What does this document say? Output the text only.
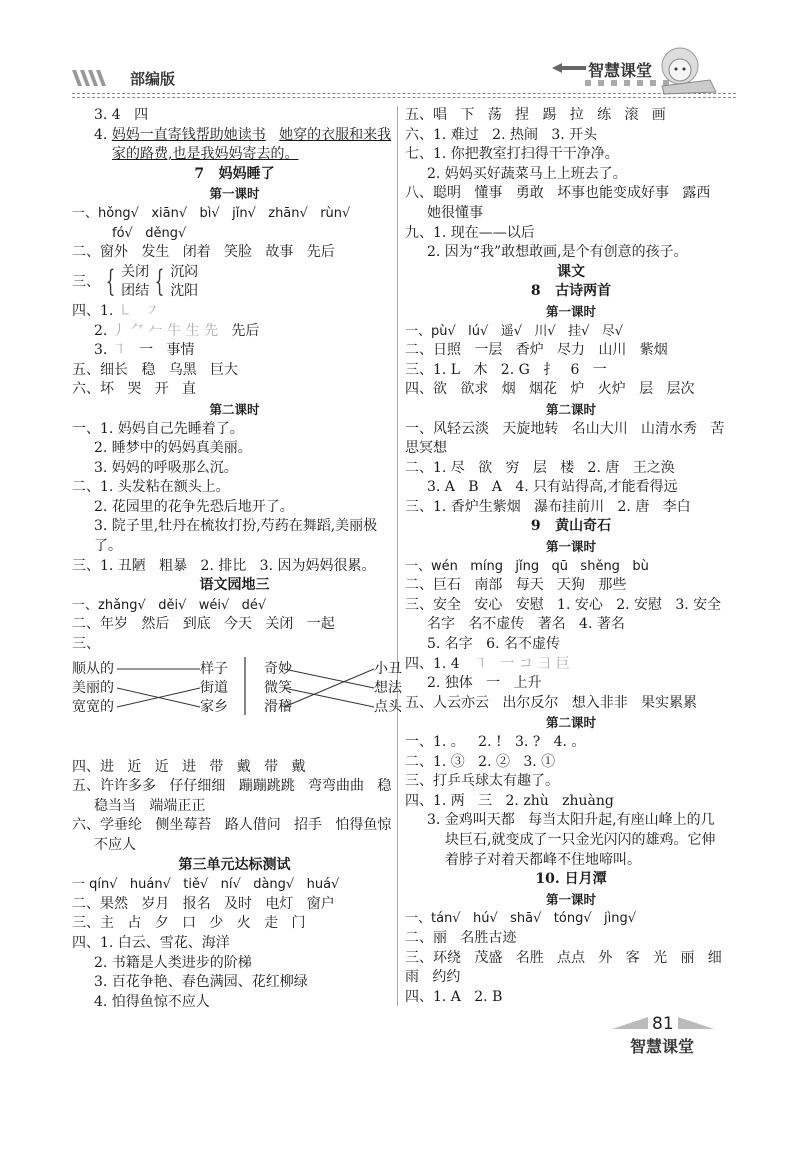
部编版	智慧课堂
3. 4   四
4. 妈妈一直寄钱帮助她读书 她穿的衣服和来我
家的路费,也是我妈妈寄去的。
7   妈妈睡了
第一课时
一、hǒng√   xiān√   bì√   jǐn√   zhān√   rùn√
fó√   děng√
二、窗外   发生   闭着   笑脸   故事   先后
三、 { 关闭
团结 { 沉闷
沈阳
四、1. ㇄   ㇇
2. 丿 ⺈ 𠂉 牛 生 先   先后
3. ㇕   一   事情
五、细长   稳   乌黑   巨大
六、坏   哭   开   直
第二课时
一、1. 妈妈自己先睡着了。
2. 睡梦中的妈妈真美丽。
3. 妈妈的呼吸那么沉。
二、1. 头发粘在额头上。
2. 花园里的花争先恐后地开了。
3. 院子里,牡丹在梳妆打扮,芍药在舞蹈,美丽极
了。
三、1. 丑陋   粗暴   2. 排比   3. 因为妈妈很累。
语文园地三
一、zhǎng√   děi√   wéi√   dé√
二、年岁   然后   到底   今天   关闭   一起
三、
顺从的
美丽的
宽宽的
样子
街道
家乡
奇妙
微笑
滑稽
小丑
想法
点头
四、进   近   近   进   带   戴   带   戴
五、许许多多   仔仔细细   蹦蹦跳跳   弯弯曲曲   稳
稳当当   端端正正
六、学垂纶   侧坐莓苔   路人借问   招手   怕得鱼惊
不应人
第三单元达标测试
一 qín√   huán√   tiě√   ní√   dàng√   huá√
二、果然   岁月   报名   及时   电灯   窗户
三、主   占   夕   口   少   火   走   门
四、1. 白云、雪花、海洋
2. 书籍是人类进步的阶梯
3. 百花争艳、春色满园、花红柳绿
4. 怕得鱼惊不应人
五、唱   下   荡   捏   踢   拉   练   滚   画
六、1. 难过   2. 热闹   3. 开头
七、1. 你把教室打扫得干干净净。
2. 妈妈买好蔬菜马上上班去了。
八、聪明   懂事   勇敢   坏事也能变成好事   露西
她很懂事
九、1. 现在——以后
2. 因为“我”敢想敢画,是个有创意的孩子。
课文
8   古诗两首
第一课时
一、pù√   lú√   遥√   川√   挂√   尽√
二、日照   一层   香炉   尽力   山川   紫烟
三、1. L   木   2. G   扌   6   一
四、欲   欲求   烟   烟花   炉   火炉   层   层次
第二课时
一、风轻云淡   天旋地转   名山大川   山清水秀   苦
思冥想
二、1. 尽   欲   穷   层   楼   2. 唐   王之涣
3. A   B   A   4. 只有站得高,才能看得远
三、1. 香炉生紫烟   瀑布挂前川   2. 唐   李白
9   黄山奇石
第一课时
一、wén   míng   jǐng   qū   shěng   bù
二、巨石   南部   每天   天狗   那些
三、安全   安心   安慰   1. 安心   2. 安慰   3. 安全
名字   名不虚传   著名   4. 著名
5. 名字   6. 名不虚传
四、1. 4   ㇕   一 コ 彐 巨
2. 独体   一   上升
五、人云亦云   出尔反尔   想入非非   果实累累
第二课时
一、1. 。   2. !   3. ?   4. 。
二、1. ③   2. ②   3. ①
三、打乒乓球太有趣了。
四、1. 两   三   2. zhù   zhuàng
3. 金鸡叫天都   每当太阳升起,有座山峰上的几
块巨石,就变成了一只金光闪闪的雄鸡。它伸
着脖子对着天都峰不住地啼叫。
10. 日月潭
第一课时
一、tán√   hú√   shā√   tóng√   jìng√
二、丽   名胜古迹
三、环绕   茂盛   名胜   点点   外   客   光   丽   细
雨   约约
四、1. A   2. B
81
智慧课堂
